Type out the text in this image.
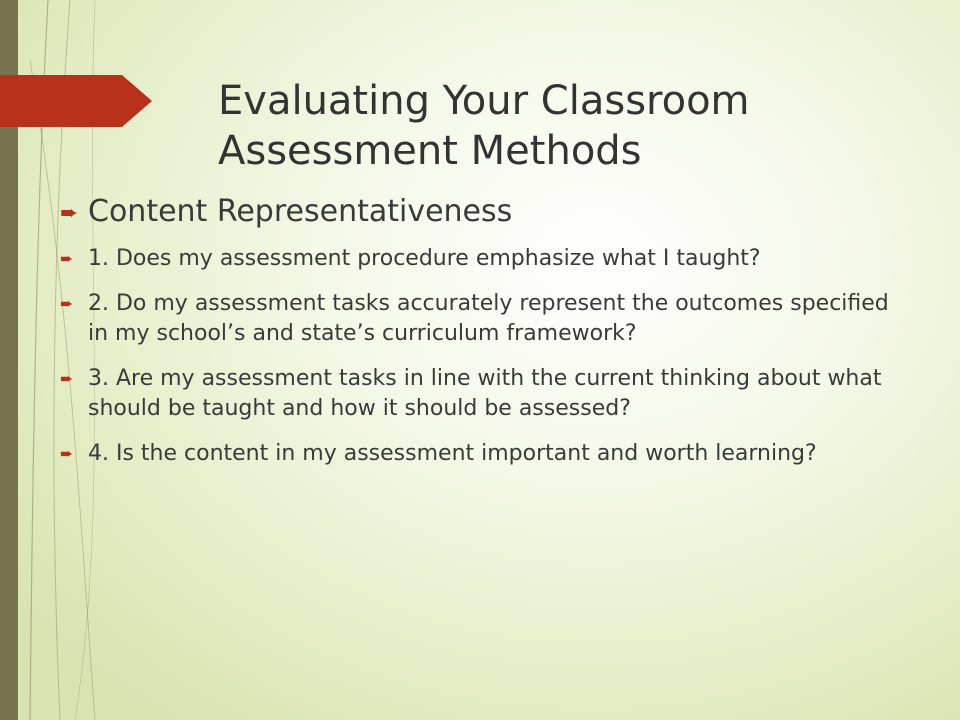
Evaluating Your Classroom Assessment Methods
➨ Content Representativeness
➨ 1. Does my assessment procedure emphasize what I taught?
➨ 2. Do my assessment tasks accurately represent the outcomes specified in my school’s and state’s curriculum framework?
➨ 3. Are my assessment tasks in line with the current thinking about what should be taught and how it should be assessed?
➨ 4. Is the content in my assessment important and worth learning?
